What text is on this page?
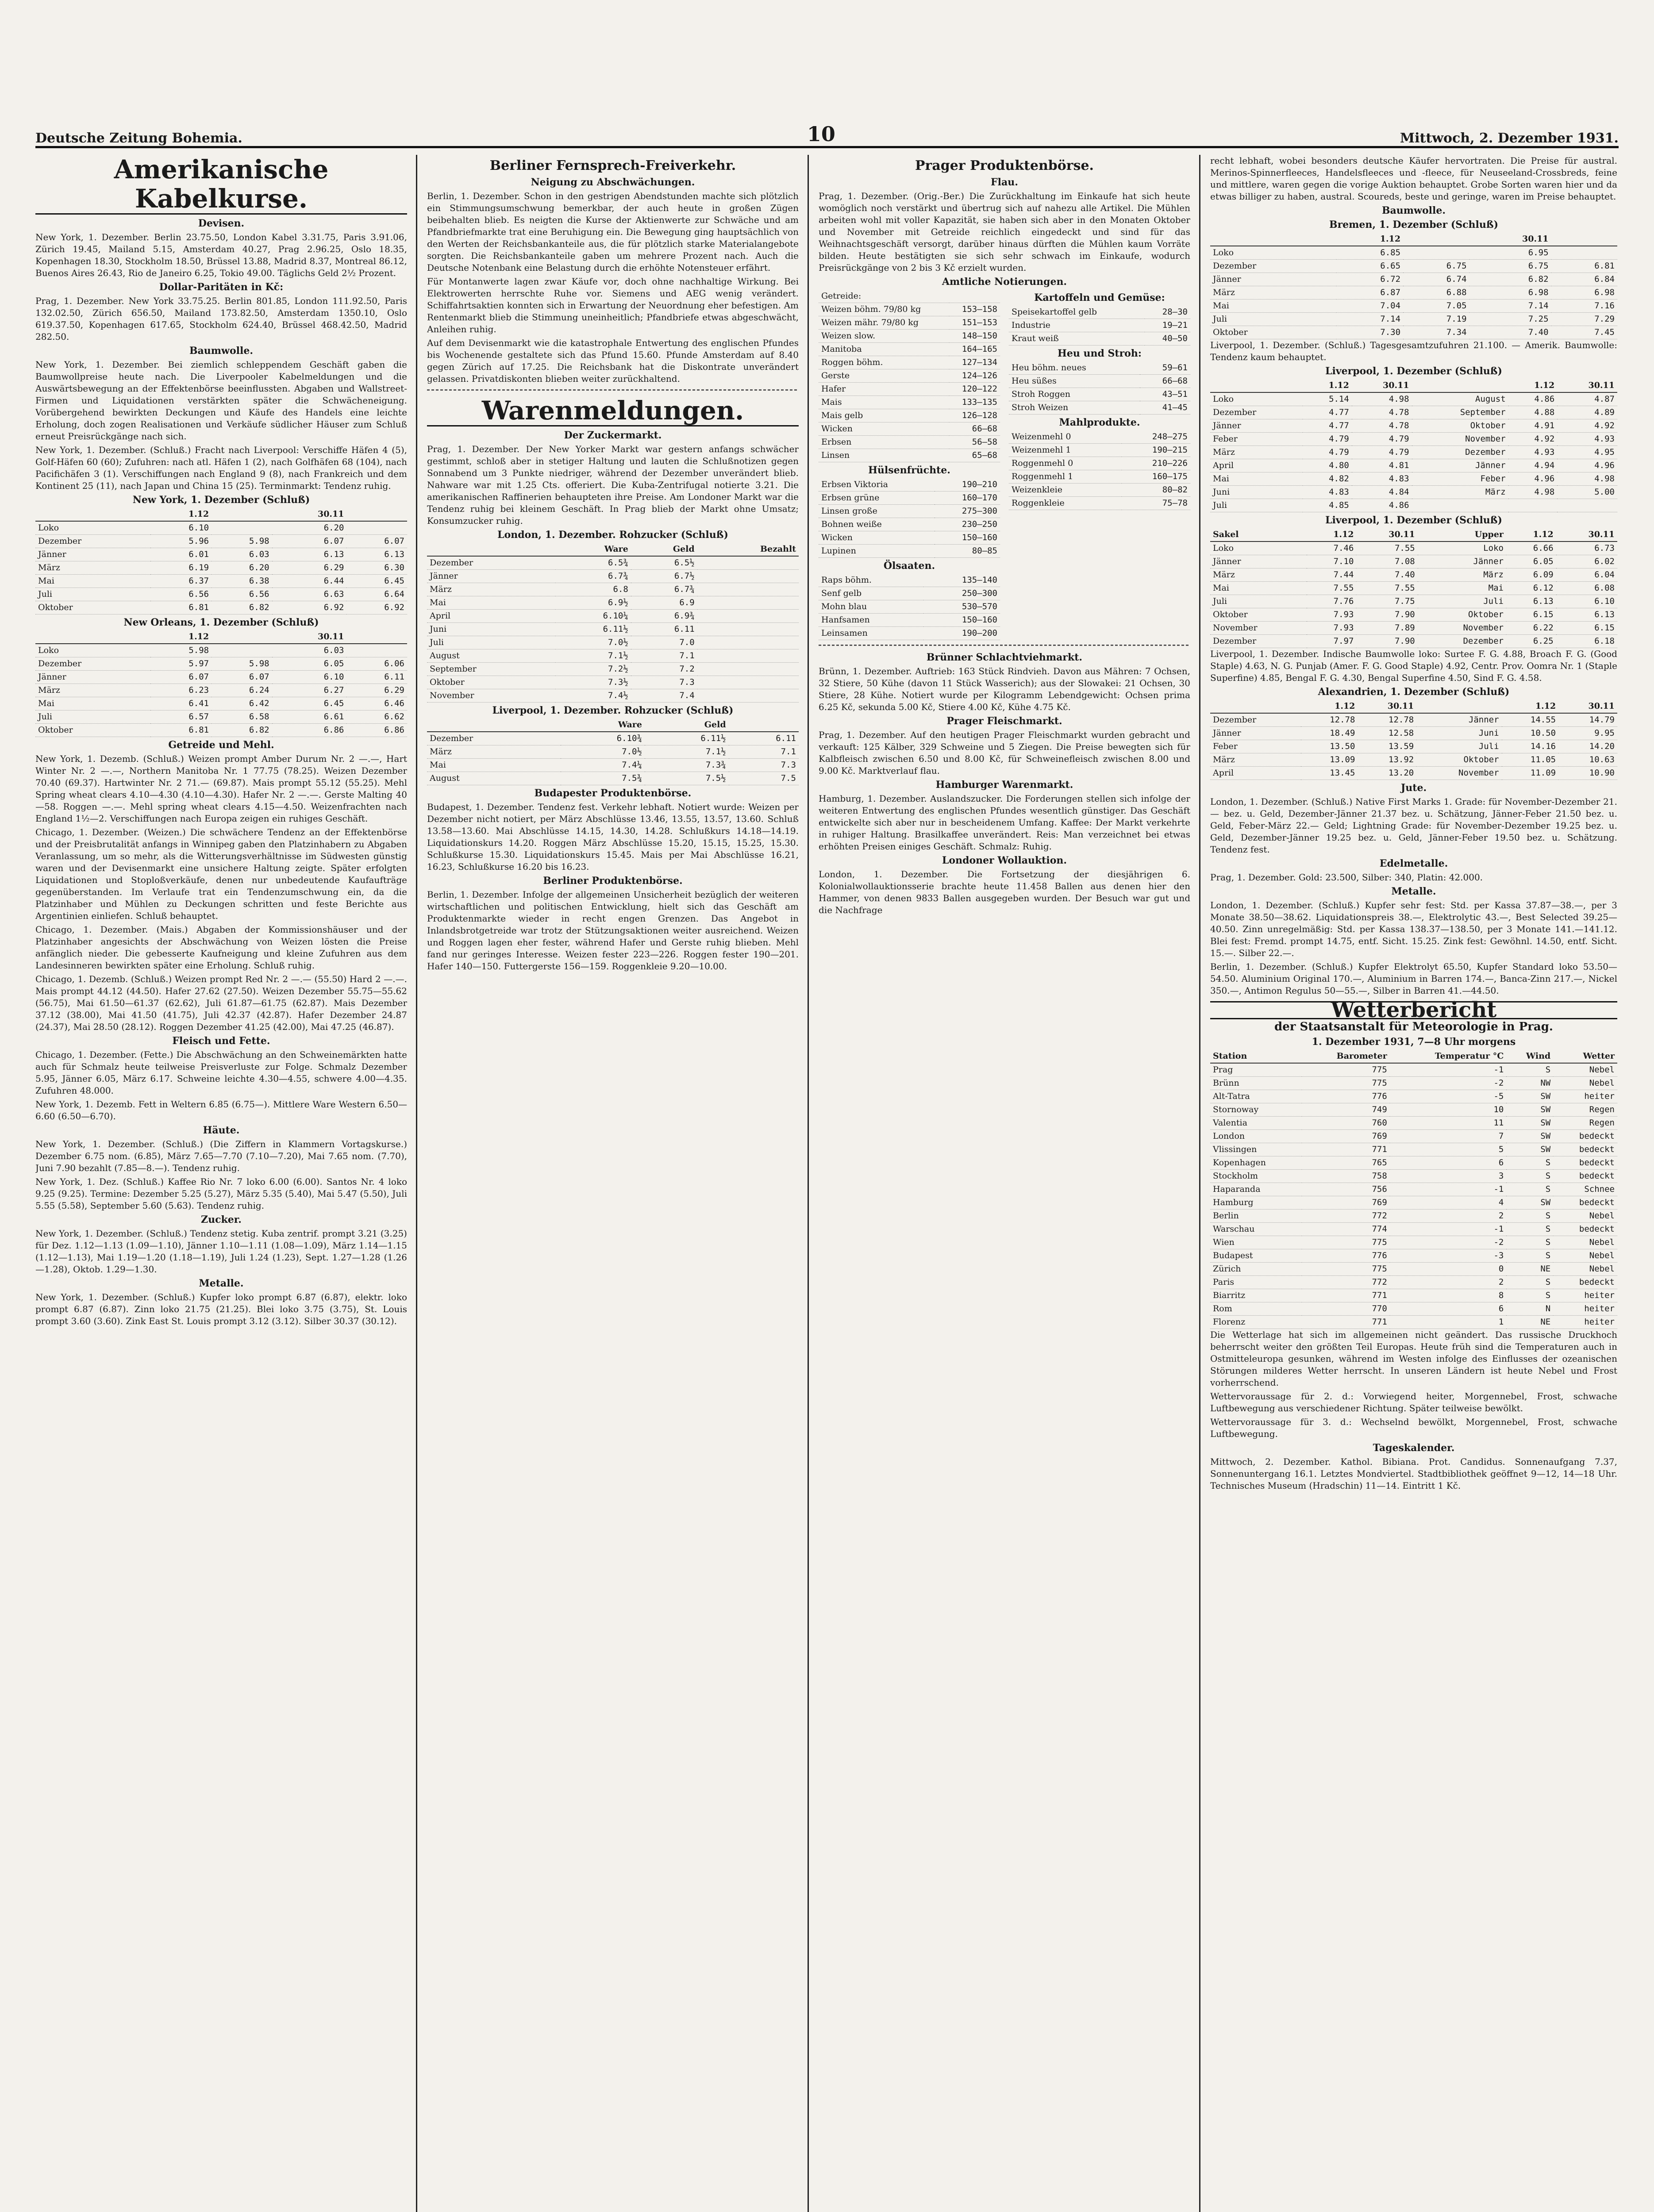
Deutsche Zeitung Bohemia.	10	Mittwoch, 2. Dezember 1931.
Amerikanische Kabelkurse.
Devisen.

New York, 1. Dezember. Berlin 23.75.50, London Kabel 3.31.75, Paris 3.91.06, Zürich 19.45, Mailand 5.15, Amsterdam 40.27, Prag 2.96.25, Oslo 18.35, Kopenhagen 18.30, Stockholm 18.50, Brüssel 13.88, Madrid 8.37, Montreal 86.12, Buenos Aires 26.43, Rio de Janeiro 6.25, Tokio 49.00. Täglichs Geld 2½ Prozent.

Dollar-Paritäten in Kč:

Prag, 1. Dezember. New York 33.75.25. Berlin 801.85, London 111.92.50, Paris 132.02.50, Zürich 656.50, Mailand 173.82.50, Amsterdam 1350.10, Oslo 619.37.50, Kopenhagen 617.65, Stockholm 624.40, Brüssel 468.42.50, Madrid 282.50.

Baumwolle.

New York, 1. Dezember. Bei ziemlich schleppendem Geschäft gaben die Baumwollpreise heute nach. Die Liverpooler Kabelmeldungen und die Auswärtsbewegung an der Effektenbörse beeinflussten. Abgaben und Wallstreet-Firmen und Liquidationen verstärkten später die Schwächeneigung. Vorübergehend bewirkten Deckungen und Käufe des Handels eine leichte Erholung, doch zogen Realisationen und Verkäufe südlicher Häuser zum Schluß erneut Preisrückgänge nach sich.

New York, 1. Dezember. (Schluß.) Fracht nach Liverpool: Verschiffe Häfen 4 (5), Golf-Häfen 60 (60); Zufuhren: nach atl. Häfen 1 (2), nach Golfhäfen 68 (104), nach Pacifichäfen 3 (1). Verschiffungen nach England 9 (8), nach Frankreich und dem Kontinent 25 (11), nach Japan und China 15 (25). Terminmarkt: Tendenz ruhig.

New York, 1. Dezember (Schluß)
	1.12		30.11	
Loko	6.10		6.20	
Dezember	5.96	5.98	6.07	6.07
Jänner	6.01	6.03	6.13	6.13
März	6.19	6.20	6.29	6.30
Mai	6.37	6.38	6.44	6.45
Juli	6.56	6.56	6.63	6.64
Oktober	6.81	6.82	6.92	6.92
New Orleans, 1. Dezember (Schluß)
	1.12		30.11	
Loko	5.98		6.03	
Dezember	5.97	5.98	6.05	6.06
Jänner	6.07	6.07	6.10	6.11
März	6.23	6.24	6.27	6.29
Mai	6.41	6.42	6.45	6.46
Juli	6.57	6.58	6.61	6.62
Oktober	6.81	6.82	6.86	6.86
Getreide und Mehl.

New York, 1. Dezemb. (Schluß.) Weizen prompt Amber Durum Nr. 2 —.—, Hart Winter Nr. 2 —.—, Northern Manitoba Nr. 1 77.75 (78.25). Weizen Dezember 70.40 (69.37). Hartwinter Nr. 2 71.— (69.87). Mais prompt 55.12 (55.25). Mehl Spring wheat clears 4.10—4.30 (4.10—4.30). Hafer Nr. 2 —.—. Gerste Malting 40—58. Roggen —.—. Mehl spring wheat clears 4.15—4.50. Weizenfrachten nach England 1½—2. Verschiffungen nach Europa zeigen ein ruhiges Geschäft.

Chicago, 1. Dezember. (Weizen.) Die schwächere Tendenz an der Effektenbörse und der Preisbrutalität anfangs in Winnipeg gaben den Platzinhabern zu Abgaben Veranlassung, um so mehr, als die Witterungsverhältnisse im Südwesten günstig waren und der Devisenmarkt eine unsichere Haltung zeigte. Später erfolgten Liquidationen und Stoploßverkäufe, denen nur unbedeutende Kaufaufträge gegenüberstanden. Im Verlaufe trat ein Tendenzumschwung ein, da die Platzinhaber und Mühlen zu Deckungen schritten und feste Berichte aus Argentinien einliefen. Schluß behauptet.

Chicago, 1. Dezember. (Mais.) Abgaben der Kommissionshäuser und der Platzinhaber angesichts der Abschwächung von Weizen lösten die Preise anfänglich nieder. Die gebesserte Kaufneigung und kleine Zufuhren aus dem Landesinneren bewirkten später eine Erholung. Schluß ruhig.

Chicago, 1. Dezemb. (Schluß.) Weizen prompt Red Nr. 2 —.— (55.50) Hard 2 —.—. Mais prompt 44.12 (44.50). Hafer 27.62 (27.50). Weizen Dezember 55.75—55.62 (56.75), Mai 61.50—61.37 (62.62), Juli 61.87—61.75 (62.87). Mais Dezember 37.12 (38.00), Mai 41.50 (41.75), Juli 42.37 (42.87). Hafer Dezember 24.87 (24.37), Mai 28.50 (28.12). Roggen Dezember 41.25 (42.00), Mai 47.25 (46.87).

Fleisch und Fette.

Chicago, 1. Dezember. (Fette.) Die Abschwächung an den Schweinemärkten hatte auch für Schmalz heute teilweise Preisverluste zur Folge. Schmalz Dezember 5.95, Jänner 6.05, März 6.17. Schweine leichte 4.30—4.55, schwere 4.00—4.35. Zufuhren 48.000.

New York, 1. Dezemb. Fett in Weltern 6.85 (6.75—). Mittlere Ware Western 6.50—6.60 (6.50—6.70).

Häute.

New York, 1. Dezember. (Schluß.) (Die Ziffern in Klammern Vortagskurse.) Dezember 6.75 nom. (6.85), März 7.65—7.70 (7.10—7.20), Mai 7.65 nom. (7.70), Juni 7.90 bezahlt (7.85—8.—). Tendenz ruhig.

New York, 1. Dez. (Schluß.) Kaffee Rio Nr. 7 loko 6.00 (6.00). Santos Nr. 4 loko 9.25 (9.25). Termine: Dezember 5.25 (5.27), März 5.35 (5.40), Mai 5.47 (5.50), Juli 5.55 (5.58), September 5.60 (5.63). Tendenz ruhig.

Zucker.

New York, 1. Dezember. (Schluß.) Tendenz stetig. Kuba zentrif. prompt 3.21 (3.25) für Dez. 1.12—1.13 (1.09—1.10), Jänner 1.10—1.11 (1.08—1.09), März 1.14—1.15 (1.12—1.13), Mai 1.19—1.20 (1.18—1.19), Juli 1.24 (1.23), Sept. 1.27—1.28 (1.26—1.28), Oktob. 1.29—1.30.

Metalle.

New York, 1. Dezember. (Schluß.) Kupfer loko prompt 6.87 (6.87), elektr. loko prompt 6.87 (6.87). Zinn loko 21.75 (21.25). Blei loko 3.75 (3.75), St. Louis prompt 3.60 (3.60). Zink East St. Louis prompt 3.12 (3.12). Silber 30.37 (30.12).

Berliner Fernsprech-Freiverkehr.
Neigung zu Abschwächungen.

Berlin, 1. Dezember. Schon in den gestrigen Abendstunden machte sich plötzlich ein Stimmungsumschwung bemerkbar, der auch heute in großen Zügen beibehalten blieb. Es neigten die Kurse der Aktienwerte zur Schwäche und am Pfandbriefmarkte trat eine Beruhigung ein. Die Bewegung ging hauptsächlich von den Werten der Reichsbankanteile aus, die für plötzlich starke Materialangebote sorgten. Die Reichsbankanteile gaben um mehrere Prozent nach. Auch die Deutsche Notenbank eine Belastung durch die erhöhte Notensteuer erfährt.

Für Montanwerte lagen zwar Käufe vor, doch ohne nachhaltige Wirkung. Bei Elektrowerten herrschte Ruhe vor. Siemens und AEG wenig verändert. Schiffahrtsaktien konnten sich in Erwartung der Neuordnung eher befestigen. Am Rentenmarkt blieb die Stimmung uneinheitlich; Pfandbriefe etwas abgeschwächt, Anleihen ruhig.

Auf dem Devisenmarkt wie die katastrophale Entwertung des englischen Pfundes bis Wochenende gestaltete sich das Pfund 15.60. Pfunde Amsterdam auf 8.40 gegen Zürich auf 17.25. Die Reichsbank hat die Diskontrate unverändert gelassen. Privatdiskonten blieben weiter zurückhaltend.

Warenmeldungen.
Der Zuckermarkt.

Prag, 1. Dezember. Der New Yorker Markt war gestern anfangs schwächer gestimmt, schloß aber in stetiger Haltung und lauten die Schlußnotizen gegen Sonnabend um 3 Punkte niedriger, während der Dezember unverändert blieb. Nahware war mit 1.25 Cts. offeriert. Die Kuba-Zentrifugal notierte 3.21. Die amerikanischen Raffinerien behaupteten ihre Preise. Am Londoner Markt war die Tendenz ruhig bei kleinem Geschäft. In Prag blieb der Markt ohne Umsatz; Konsumzucker ruhig.

London, 1. Dezember. Rohzucker (Schluß)
	Ware	Geld	Bezahlt
Dezember	6.5¾	6.5½	
Jänner	6.7¾	6.7½	
März	6.8	6.7¾	
Mai	6.9½	6.9	
April	6.10¼	6.9¾	
Juni	6.11½	6.11	
Juli	7.0½	7.0	
August	7.1½	7.1	
September	7.2½	7.2	
Oktober	7.3½	7.3	
November	7.4½	7.4	
Liverpool, 1. Dezember. Rohzucker (Schluß)
	Ware	Geld	
Dezember	6.10¾	6.11½	6.11
März	7.0½	7.1½	7.1
Mai	7.4¼	7.3¾	7.3
August	7.5¾	7.5½	7.5
Budapester Produktenbörse.

Budapest, 1. Dezember. Tendenz fest. Verkehr lebhaft. Notiert wurde: Weizen per Dezember nicht notiert, per März Abschlüsse 13.46, 13.55, 13.57, 13.60. Schluß 13.58—13.60. Mai Abschlüsse 14.15, 14.30, 14.28. Schlußkurs 14.18—14.19. Liquidationskurs 14.20. Roggen März Abschlüsse 15.20, 15.15, 15.25, 15.30. Schlußkurse 15.30. Liquidationskurs 15.45. Mais per Mai Abschlüsse 16.21, 16.23, Schlußkurse 16.20 bis 16.23.

Berliner Produktenbörse.

Berlin, 1. Dezember. Infolge der allgemeinen Unsicherheit bezüglich der weiteren wirtschaftlichen und politischen Entwicklung, hielt sich das Geschäft am Produktenmarkte wieder in recht engen Grenzen. Das Angebot in Inlandsbrotgetreide war trotz der Stützungsaktionen weiter ausreichend. Weizen und Roggen lagen eher fester, während Hafer und Gerste ruhig blieben. Mehl fand nur geringes Interesse. Weizen fester 223—226. Roggen fester 190—201. Hafer 140—150. Futtergerste 156—159. Roggenkleie 9.20—10.00.

Prager Produktenbörse.
Flau.

Prag, 1. Dezember. (Orig.-Ber.) Die Zurückhaltung im Einkaufe hat sich heute womöglich noch verstärkt und übertrug sich auf nahezu alle Artikel. Die Mühlen arbeiten wohl mit voller Kapazität, sie haben sich aber in den Monaten Oktober und November mit Getreide reichlich eingedeckt und sind für das Weihnachtsgeschäft versorgt, darüber hinaus dürften die Mühlen kaum Vorräte bilden. Heute bestätigten sie sich sehr schwach im Einkaufe, wodurch Preisrückgänge von 2 bis 3 Kč erzielt wurden.

Amtliche Notierungen.
Getreide:	
Weizen böhm. 79/80 kg	153—158
Weizen mähr. 79/80 kg	151—153
Weizen slow.	148—150
Manitoba	164—165
Roggen böhm.	127—134
Gerste	124—126
Hafer	120—122
Mais	133—135
Mais gelb	126—128
Wicken	66—68
Erbsen	56—58
Linsen	65—68
Hülsenfrüchte.
Erbsen Viktoria	190—210
Erbsen grüne	160—170
Linsen große	275—300
Bohnen weiße	230—250
Wicken	150—160
Lupinen	80—85
Ölsaaten.
Raps böhm.	135—140
Senf gelb	250—300
Mohn blau	530—570
Hanfsamen	150—160
Leinsamen	190—200
Kartoffeln und Gemüse:
Speisekartoffel gelb	28—30
Industrie	19—21
Kraut weiß	40—50
Heu und Stroh:
Heu böhm. neues	59—61
Heu süßes	66—68
Stroh Roggen	43—51
Stroh Weizen	41—45
Mahlprodukte.
Weizenmehl 0	248—275
Weizenmehl 1	190—215
Roggenmehl 0	210—226
Roggenmehl 1	160—175
Weizenkleie	80—82
Roggenkleie	75—78
Brünner Schlachtviehmarkt.

Brünn, 1. Dezember. Auftrieb: 163 Stück Rindvieh. Davon aus Mähren: 7 Ochsen, 32 Stiere, 50 Kühe (davon 11 Stück Wasserich); aus der Slowakei: 21 Ochsen, 30 Stiere, 28 Kühe. Notiert wurde per Kilogramm Lebendgewicht: Ochsen prima 6.25 Kč, sekunda 5.00 Kč, Stiere 4.00 Kč, Kühe 4.75 Kč.

Prager Fleischmarkt.

Prag, 1. Dezember. Auf den heutigen Prager Fleischmarkt wurden gebracht und verkauft: 125 Kälber, 329 Schweine und 5 Ziegen. Die Preise bewegten sich für Kalbfleisch zwischen 6.50 und 8.00 Kč, für Schweinefleisch zwischen 8.00 und 9.00 Kč. Marktverlauf flau.

Hamburger Warenmarkt.

Hamburg, 1. Dezember. Auslandszucker. Die Forderungen stellen sich infolge der weiteren Entwertung des englischen Pfundes wesentlich günstiger. Das Geschäft entwickelte sich aber nur in bescheidenem Umfang. Kaffee: Der Markt verkehrte in ruhiger Haltung. Brasilkaffee unverändert. Reis: Man verzeichnet bei etwas erhöhten Preisen einiges Geschäft. Schmalz: Ruhig.

Londoner Wollauktion.

London, 1. Dezember. Die Fortsetzung der diesjährigen 6. Kolonialwollauktionsserie brachte heute 11.458 Ballen aus denen hier den Hammer, von denen 9833 Ballen ausgegeben wurden. Der Besuch war gut und die Nachfrage

recht lebhaft, wobei besonders deutsche Käufer hervortraten. Die Preise für austral. Merinos-Spinnerfleeces, Handelsfleeces und -fleece, für Neuseeland-Crossbreds, feine und mittlere, waren gegen die vorige Auktion behauptet. Grobe Sorten waren hier und da etwas billiger zu haben, austral. Scoureds, beste und geringe, waren im Preise behauptet.

Baumwolle.
Bremen, 1. Dezember (Schluß)
	1.12		30.11	
Loko	6.85		6.95	
Dezember	6.65	6.75	6.75	6.81
Jänner	6.72	6.74	6.82	6.84
März	6.87	6.88	6.98	6.98
Mai	7.04	7.05	7.14	7.16
Juli	7.14	7.19	7.25	7.29
Oktober	7.30	7.34	7.40	7.45

Liverpool, 1. Dezember. (Schluß.) Tagesgesamtzufuhren 21.100. — Amerik. Baumwolle: Tendenz kaum behauptet.

Liverpool, 1. Dezember (Schluß)
	1.12	30.11		1.12	30.11
Loko	5.14	4.98	August	4.86	4.87
Dezember	4.77	4.78	September	4.88	4.89
Jänner	4.77	4.78	Oktober	4.91	4.92
Feber	4.79	4.79	November	4.92	4.93
März	4.79	4.79	Dezember	4.93	4.95
April	4.80	4.81	Jänner	4.94	4.96
Mai	4.82	4.83	Feber	4.96	4.98
Juni	4.83	4.84	März	4.98	5.00
Juli	4.85	4.86			
Liverpool, 1. Dezember (Schluß)
Sakel	1.12	30.11	Upper	1.12	30.11
Loko	7.46	7.55	Loko	6.66	6.73
Jänner	7.10	7.08	Jänner	6.05	6.02
März	7.44	7.40	März	6.09	6.04
Mai	7.55	7.55	Mai	6.12	6.08
Juli	7.76	7.75	Juli	6.13	6.10
Oktober	7.93	7.90	Oktober	6.15	6.13
November	7.93	7.89	November	6.22	6.15
Dezember	7.97	7.90	Dezember	6.25	6.18

Liverpool, 1. Dezember. Indische Baumwolle loko: Surtee F. G. 4.88, Broach F. G. (Good Staple) 4.63, N. G. Punjab (Amer. F. G. Good Staple) 4.92, Centr. Prov. Oomra Nr. 1 (Staple Superfine) 4.85, Bengal F. G. 4.30, Bengal Superfine 4.50, Sind F. G. 4.58.

Alexandrien, 1. Dezember (Schluß)
	1.12	30.11		1.12	30.11
Dezember	12.78	12.78	Jänner	14.55	14.79
Jänner	18.49	12.58	Juni	10.50	9.95
Feber	13.50	13.59	Juli	14.16	14.20
März	13.09	13.92	Oktober	11.05	10.63
April	13.45	13.20	November	11.09	10.90
Jute.

London, 1. Dezember. (Schluß.) Native First Marks 1. Grade: für November-Dezember 21.— bez. u. Geld, Dezember-Jänner 21.37 bez. u. Schätzung, Jänner-Feber 21.50 bez. u. Geld, Feber-März 22.— Geld; Lightning Grade: für November-Dezember 19.25 bez. u. Geld, Dezember-Jänner 19.25 bez. u. Geld, Jänner-Feber 19.50 bez. u. Schätzung. Tendenz fest.

Edelmetalle.

Prag, 1. Dezember. Gold: 23.500, Silber: 340, Platin: 42.000.

Metalle.

London, 1. Dezember. (Schluß.) Kupfer sehr fest: Std. per Kassa 37.87—38.—, per 3 Monate 38.50—38.62. Liquidationspreis 38.—, Elektrolytic 43.—, Best Selected 39.25—40.50. Zinn unregelmäßig: Std. per Kassa 138.37—138.50, per 3 Monate 141.—141.12. Blei fest: Fremd. prompt 14.75, entf. Sicht. 15.25. Zink fest: Gewöhnl. 14.50, entf. Sicht. 15.—. Silber 22.—.

Berlin, 1. Dezember. (Schluß.) Kupfer Elektrolyt 65.50, Kupfer Standard loko 53.50—54.50. Aluminium Original 170.—, Aluminium in Barren 174.—, Banca-Zinn 217.—, Nickel 350.—, Antimon Regulus 50—55.—, Silber in Barren 41.—44.50.

Wetterbericht
der Staatsanstalt für Meteorologie in Prag.
1. Dezember 1931, 7—8 Uhr morgens
Station	Barometer	Temperatur °C	Wind	Wetter
Prag	775	-1	S	Nebel
Brünn	775	-2	NW	Nebel
Alt-Tatra	776	-5	SW	heiter
Stornoway	749	10	SW	Regen
Valentia	760	11	SW	Regen
London	769	7	SW	bedeckt
Vlissingen	771	5	SW	bedeckt
Kopenhagen	765	6	S	bedeckt
Stockholm	758	3	S	bedeckt
Haparanda	756	-1	S	Schnee
Hamburg	769	4	SW	bedeckt
Berlin	772	2	S	Nebel
Warschau	774	-1	S	bedeckt
Wien	775	-2	S	Nebel
Budapest	776	-3	S	Nebel
Zürich	775	0	NE	Nebel
Paris	772	2	S	bedeckt
Biarritz	771	8	S	heiter
Rom	770	6	N	heiter
Florenz	771	1	NE	heiter

Die Wetterlage hat sich im allgemeinen nicht geändert. Das russische Druckhoch beherrscht weiter den größten Teil Europas. Heute früh sind die Temperaturen auch in Ostmitteleuropa gesunken, während im Westen infolge des Einflusses der ozeanischen Störungen milderes Wetter herrscht. In unseren Ländern ist heute Nebel und Frost vorherrschend.

Wettervoraussage für 2. d.: Vorwiegend heiter, Morgennebel, Frost, schwache Luftbewegung aus verschiedener Richtung. Später teilweise bewölkt.

Wettervoraussage für 3. d.: Wechselnd bewölkt, Morgennebel, Frost, schwache Luftbewegung.

Tageskalender.

Mittwoch, 2. Dezember. Kathol. Bibiana. Prot. Candidus. Sonnenaufgang 7.37, Sonnenuntergang 16.1. Letztes Mondviertel. Stadtbibliothek geöffnet 9—12, 14—18 Uhr. Technisches Museum (Hradschin) 11—14. Eintritt 1 Kč.
